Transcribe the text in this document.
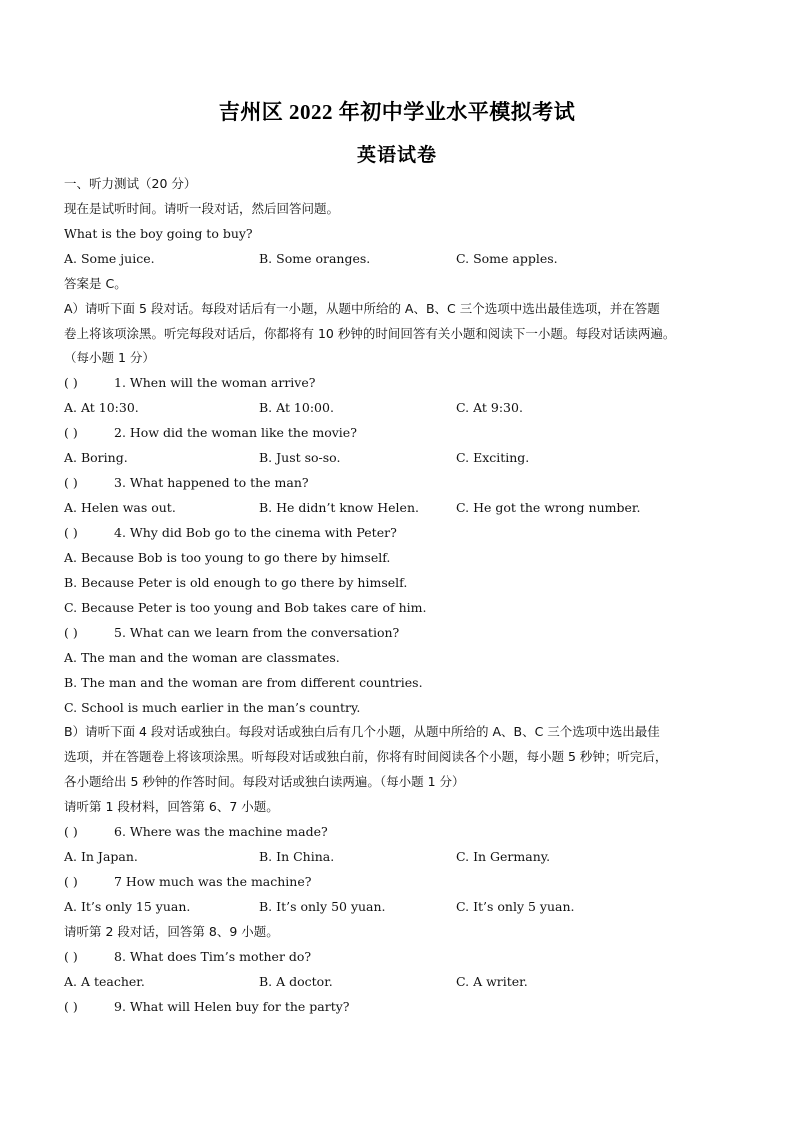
吉州区 2022 年初中学业水平模拟考试
英语试卷
一、听力测试（20 分）
现在是试听时间。请听一段对话，然后回答问题。
What is the boy going to buy?
A. Some juice.	B. Some oranges.	C. Some apples.
答案是 C。
A）请听下面 5 段对话。每段对话后有一小题，从题中所给的 A、B、C 三个选项中选出最佳选项，并在答题
卷上将该项涂黑。听完每段对话后，你都将有 10 秒钟的时间回答有关小题和阅读下一小题。每段对话读两遍。
（每小题 1 分）
( )	1. When will the woman arrive?
A. At 10:30.	B. At 10:00.	C. At 9:30.
( )	2. How did the woman like the movie?
A. Boring.	B. Just so-so.	C. Exciting.
( )	3. What happened to the man?
A. Helen was out.	B. He didn’t know Helen.	C. He got the wrong number.
( )	4. Why did Bob go to the cinema with Peter?
A. Because Bob is too young to go there by himself.
B. Because Peter is old enough to go there by himself.
C. Because Peter is too young and Bob takes care of him.
( )	5. What can we learn from the conversation?
A. The man and the woman are classmates.
B. The man and the woman are from different countries.
C. School is much earlier in the man’s country.
B）请听下面 4 段对话或独白。每段对话或独白后有几个小题，从题中所给的 A、B、C 三个选项中选出最佳
选项，并在答题卷上将该项涂黑。听每段对话或独白前，你将有时间阅读各个小题，每小题 5 秒钟；听完后，
各小题给出 5 秒钟的作答时间。每段对话或独白读两遍。（每小题 1 分）
请听第 1 段材料，回答第 6、7 小题。
( )	6. Where was the machine made?
A. In Japan.	B. In China.	C. In Germany.
( )	7 How much was the machine?
A. It’s only 15 yuan.	B. It’s only 50 yuan.	C. It’s only 5 yuan.
请听第 2 段对话，回答第 8、9 小题。
( )	8. What does Tim’s mother do?
A. A teacher.	B. A doctor.	C. A writer.
( )	9. What will Helen buy for the party?
